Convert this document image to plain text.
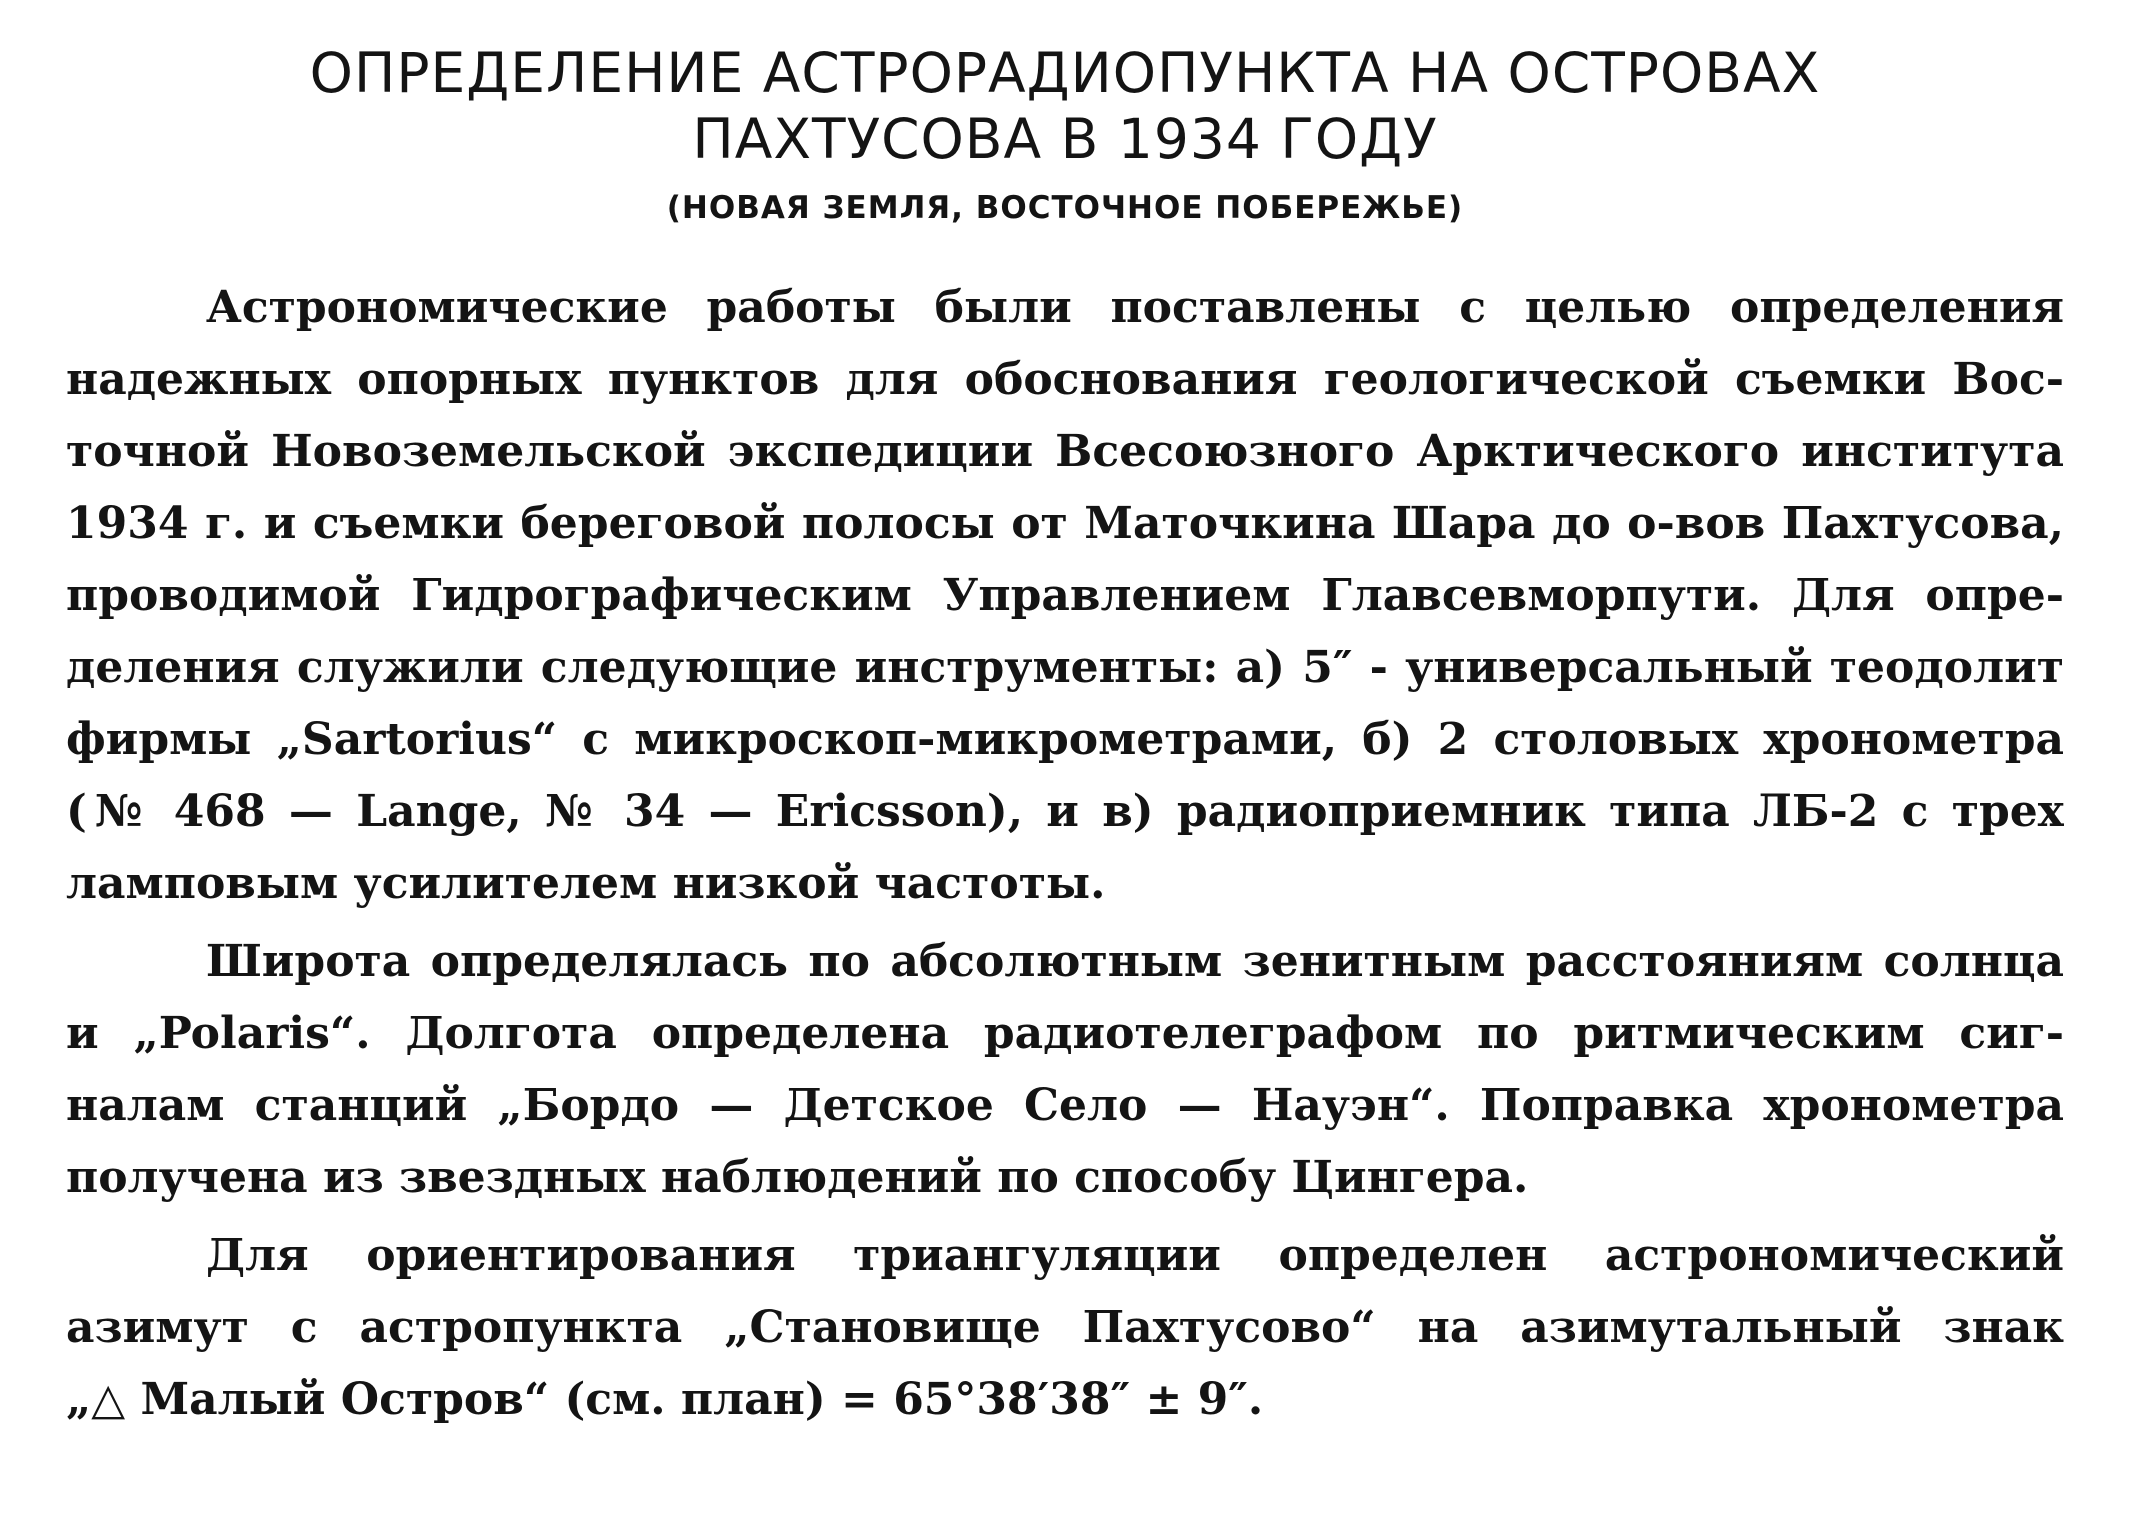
ОПРЕДЕЛЕНИЕ АСТРОРАДИОПУНКТА НА ОСТРОВАХ
ПАХТУСОВА В 1934 ГОДУ
(НОВАЯ ЗЕМЛЯ, ВОСТОЧНОЕ ПОБЕРЕЖЬЕ)

Астрономические работы были поставлены с целью определения
надежных опорных пунктов для обоснования геологической съемки Вос-
точной Новоземельской экспедиции Всесоюзного Арктического института
1934 г. и съемки береговой полосы от Маточкина Шара до о-вов Пахтусова,
проводимой Гидрографическим Управлением Главсевморпути. Для опре-
деления служили следующие инструменты: а) 5″ - универсальный теодолит
фирмы „Sartorius“ с микроскоп-микрометрами, б) 2 столовых хронометра
(№ 468 — Lange, № 34 — Ericsson), и в) радиоприемник типа ЛБ-2 с трех
ламповым усилителем низкой частоты.

Широта определялась по абсолютным зенитным расстояниям солнца
и „Polaris“. Долгота определена радиотелеграфом по ритмическим сиг-
налам станций „Бордо — Детское Село — Науэн“. Поправка хронометра
получена из звездных наблюдений по способу Цингера.

Для ориентирования триангуляции определен астрономический
азимут с астропункта „Становище Пахтусово“ на азимутальный знак
„△ Малый Остров“ (см. план) = 65°38′38″ ± 9″.
